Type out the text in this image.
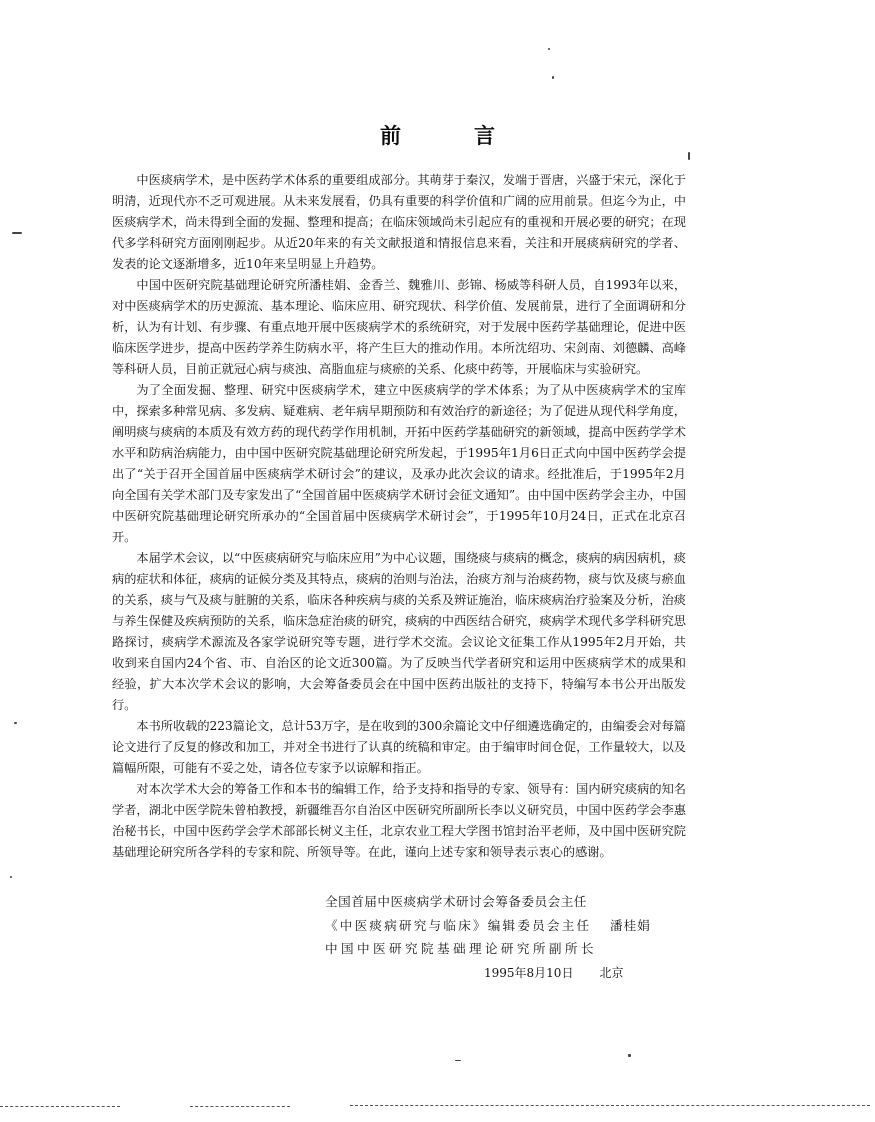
前　言

中医痰病学术，是中医药学术体系的重要组成部分。其萌芽于秦汉，发端于晋唐，兴盛于宋元，深化于明清，近现代亦不乏可观进展。从未来发展看，仍具有重要的科学价值和广阔的应用前景。但迄今为止，中医痰病学术，尚未得到全面的发掘、整理和提高；在临床领域尚未引起应有的重视和开展必要的研究；在现代多学科研究方面刚刚起步。从近20年来的有关文献报道和情报信息来看，关注和开展痰病研究的学者、发表的论文逐渐增多，近10年来呈明显上升趋势。

中国中医研究院基础理论研究所潘桂娟、金香兰、魏雅川、彭锦、杨威等科研人员，自1993年以来，对中医痰病学术的历史源流、基本理论、临床应用、研究现状、科学价值、发展前景，进行了全面调研和分析，认为有计划、有步骤、有重点地开展中医痰病学术的系统研究，对于发展中医药学基础理论，促进中医临床医学进步，提高中医药学养生防病水平，将产生巨大的推动作用。本所沈绍功、宋剑南、刘德麟、高峰等科研人员，目前正就冠心病与痰浊、高脂血症与痰瘀的关系、化痰中药等，开展临床与实验研究。

为了全面发掘、整理、研究中医痰病学术，建立中医痰病学的学术体系；为了从中医痰病学术的宝库中，探索多种常见病、多发病、疑难病、老年病早期预防和有效治疗的新途径；为了促进从现代科学角度，阐明痰与痰病的本质及有效方药的现代药学作用机制，开拓中医药学基础研究的新领域，提高中医药学学术水平和防病治病能力，由中国中医研究院基础理论研究所发起，于1995年1月6日正式向中国中医药学会提出了“关于召开全国首届中医痰病学术研讨会”的建议，及承办此次会议的请求。经批准后，于1995年2月向全国有关学术部门及专家发出了“全国首届中医痰病学术研讨会征文通知”。由中国中医药学会主办，中国中医研究院基础理论研究所承办的“全国首届中医痰病学术研讨会”，于1995年10月24日，正式在北京召开。

本届学术会议，以“中医痰病研究与临床应用”为中心议题，围绕痰与痰病的概念，痰病的病因病机，痰病的症状和体征，痰病的证候分类及其特点，痰病的治则与治法，治痰方剂与治痰药物，痰与饮及痰与瘀血的关系，痰与气及痰与脏腑的关系，临床各种疾病与痰的关系及辨证施治，临床痰病治疗验案及分析，治痰与养生保健及疾病预防的关系，临床急症治痰的研究，痰病的中西医结合研究，痰病学术现代多学科研究思路探讨，痰病学术源流及各家学说研究等专题，进行学术交流。会议论文征集工作从1995年2月开始，共收到来自国内24个省、市、自治区的论文近300篇。为了反映当代学者研究和运用中医痰病学术的成果和经验，扩大本次学术会议的影响，大会筹备委员会在中国中医药出版社的支持下，特编写本书公开出版发行。

本书所收载的223篇论文，总计53万字，是在收到的300余篇论文中仔细遴选确定的，由编委会对每篇论文进行了反复的修改和加工，并对全书进行了认真的统稿和审定。由于编审时间仓促，工作量较大，以及篇幅所限，可能有不妥之处，请各位专家予以谅解和指正。

对本次学术大会的筹备工作和本书的编辑工作，给予支持和指导的专家、领导有：国内研究痰病的知名学者，湖北中医学院朱曾柏教授，新疆维吾尔自治区中医研究所副所长李以义研究员，中国中医药学会李惠治秘书长，中国中医药学会学术部部长树义主任，北京农业工程大学图书馆封治平老师，及中国中医研究院基础理论研究所各学科的专家和院、所领导等。在此，谨向上述专家和领导表示衷心的感谢。

全国首届中医痰病学术研讨会筹备委员会主任
《中医痰病研究与临床》编辑委员会主任
中国中医研究院基础理论研究所副所长
潘桂娟
1995年8月10日 北京
